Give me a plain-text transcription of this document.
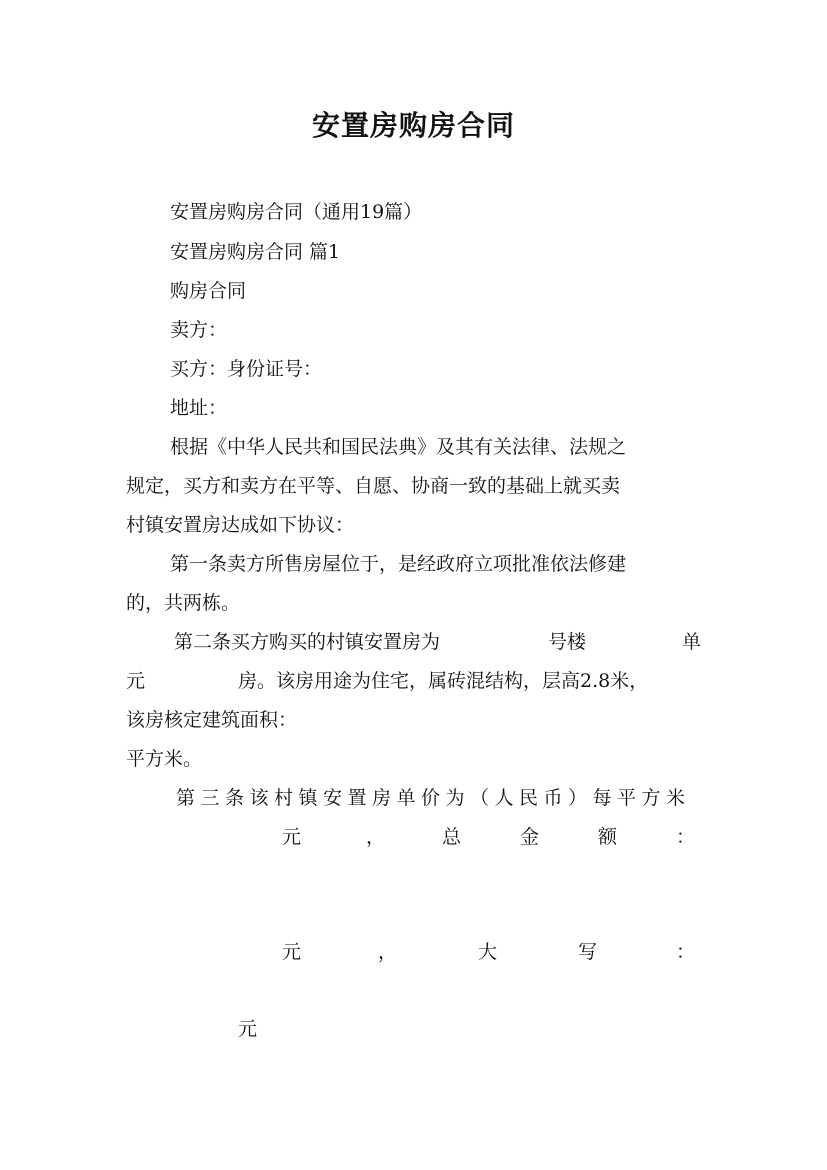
安置房购房合同
安置房购房合同（通用19篇）
安置房购房合同 篇1
购房合同
卖方：
买方：身份证号：
地址：
根据《中华人民共和国民法典》及其有关法律、法规之
规定，买方和卖方在平等、自愿、协商一致的基础上就买卖
村镇安置房达成如下协议：
第一条卖方所售房屋位于，是经政府立项批准依法修建
的，共两栋。
第二条买方购买的村镇安置房为	号楼	单
元	房。该房用途为住宅，属砖混结构，层高2.8米，
该房核定建筑面积：
平方米。
第三条该村镇安置房单价为（人民币）每平方米
元	，	总	金	额	：
元	，	大	写	：
元
